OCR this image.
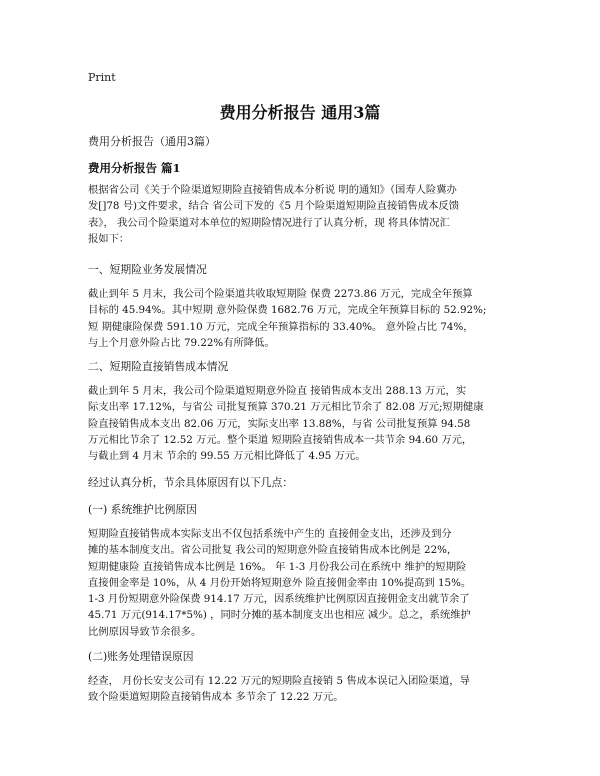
Print
费用分析报告 通用3篇
费用分析报告（通用3篇）
费用分析报告 篇1
根据省公司《关于个险渠道短期险直接销售成本分析说 明的通知》（国寿人险冀办
发[]78 号)文件要求，结合 省公司下发的《5 月个险渠道短期险直接销售成本反馈
表》， 我公司个险渠道对本单位的短期险情况进行了认真分析，现 将具体情况汇
报如下：
一、短期险业务发展情况
截止到年 5 月末，我公司个险渠道共收取短期险 保费 2273.86 万元，完成全年预算
目标的 45.94%。其中短期 意外险保费 1682.76 万元，完成全年预算目标的 52.92%;
短 期健康险保费 591.10 万元，完成全年预算指标的 33.40%。 意外险占比 74%，
与上个月意外险占比 79.22%有所降低。
二、短期险直接销售成本情况
截止到年 5 月末，我公司个险渠道短期意外险直 接销售成本支出 288.13 万元，实
际支出率 17.12%，与省公 司批复预算 370.21 万元相比节余了 82.08 万元;短期健康
险直接销售成本支出 82.06 万元，实际支出率 13.88%，与省 公司批复预算 94.58
万元相比节余了 12.52 万元。整个渠道 短期险直接销售成本一共节余 94.60 万元，
与截止到 4 月末 节余的 99.55 万元相比降低了 4.95 万元。
经过认真分析，节余具体原因有以下几点：
(一) 系统维护比例原因
短期险直接销售成本实际支出不仅包括系统中产生的 直接佣金支出，还涉及到分
摊的基本制度支出。省公司批复 我公司的短期意外险直接销售成本比例是 22%，
短期健康险 直接销售成本比例是 16%。 年 1-3 月份我公司在系统中 维护的短期险
直接佣金率是 10%，从 4 月份开始将短期意外 险直接佣金率由 10%提高到 15%。
1-3 月份短期意外险保费 914.17 万元，因系统维护比例原因直接佣金支出就节余了
45.71 万元(914.17*5%) ，同时分摊的基本制度支出也相应 减少。总之，系统维护
比例原因导致节余很多。
(二)账务处理错误原因
经查， 月份长安支公司有 12.22 万元的短期险直接销 5 售成本误记入团险渠道，导
致个险渠道短期险直接销售成本 多节余了 12.22 万元。
